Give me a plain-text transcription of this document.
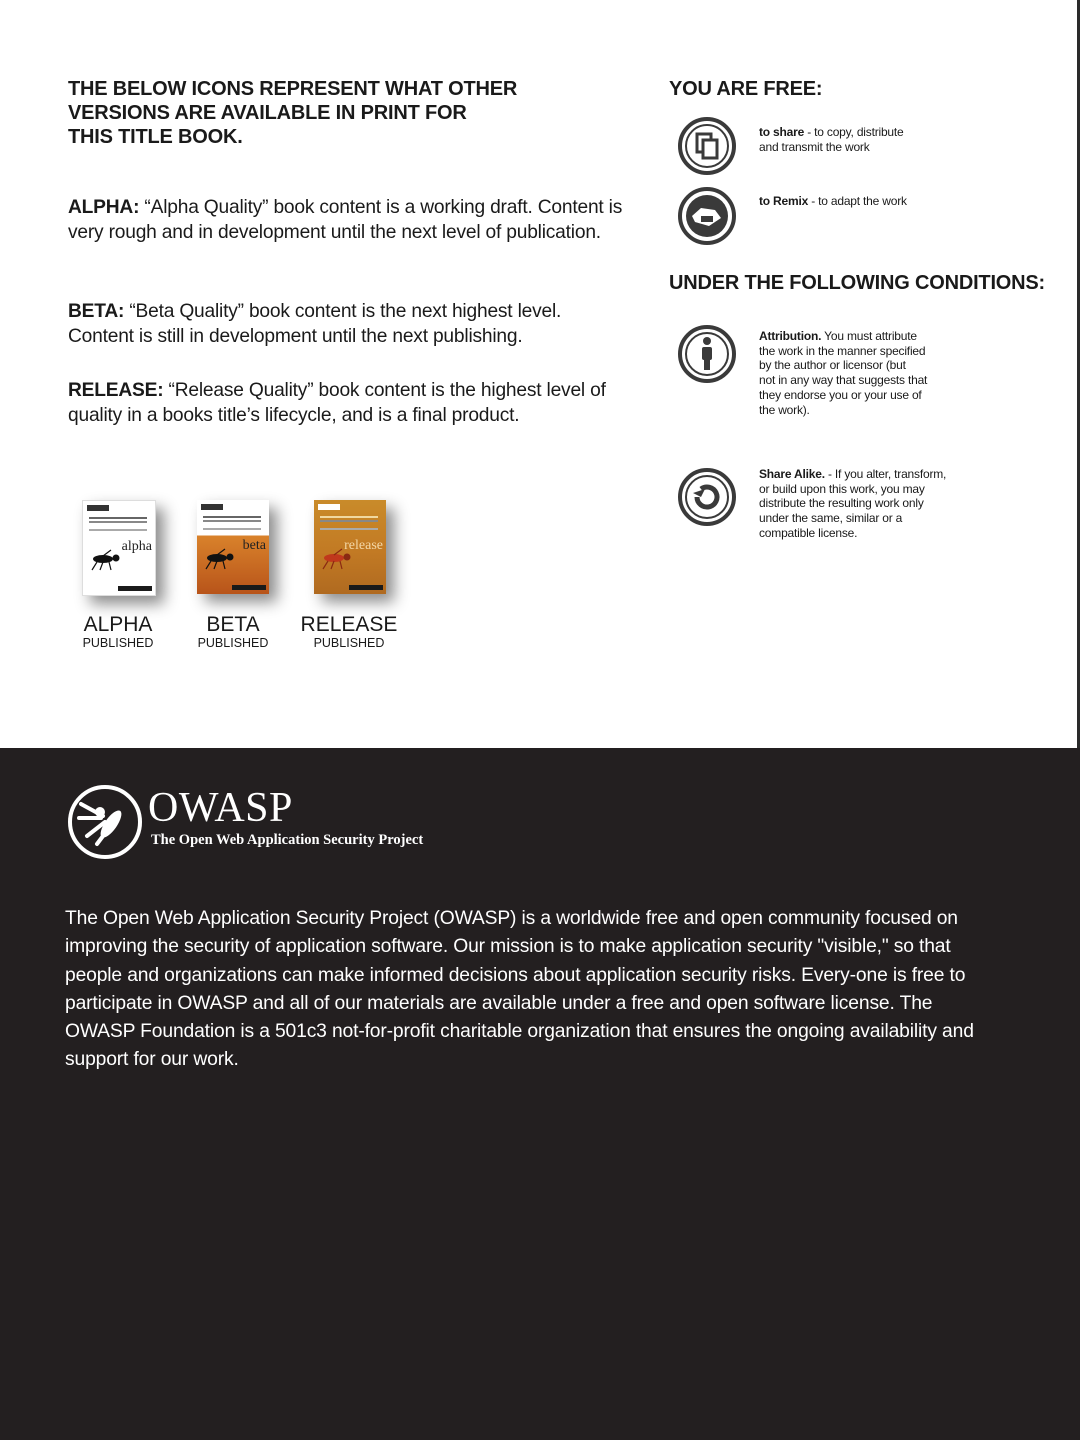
THE BELOW ICONS REPRESENT WHAT OTHER
VERSIONS ARE AVAILABLE IN PRINT FOR
THIS TITLE BOOK.
ALPHA: “Alpha Quality” book content is a working draft. Content is very rough and in development until the next level of publication.
BETA: “Beta Quality” book content is the next highest level. Content is still in development until the next publishing.
RELEASE: “Release Quality” book content is the highest level of quality in a books title’s lifecycle, and is a final product.
alpha	beta	release
ALPHA
PUBLISHED
BETA
PUBLISHED
RELEASE
PUBLISHED
YOU ARE FREE:
to share - to copy, distribute
and transmit the work
to Remix - to adapt the work
UNDER THE FOLLOWING CONDITIONS:
Attribution. You must attribute
the work in the manner specified
by the author or licensor (but
not in any way that suggests that
they endorse you or your use of
the work).
Share Alike. - If you alter, transform,
or build upon this work, you may
distribute the resulting work only
under the same, similar or a
compatible license.
OWASP
The Open Web Application Security Project
The Open Web Application Security Project (OWASP) is a worldwide free and open community focused on improving the security of application software. Our mission is to make application security "visible," so that people and organizations can make informed decisions about application security risks. Every-one is free to participate in OWASP and all of our materials are available under a free and open software license. The OWASP Foundation is a 501c3 not-for-profit charitable organization that ensures the ongoing availability and support for our work.
